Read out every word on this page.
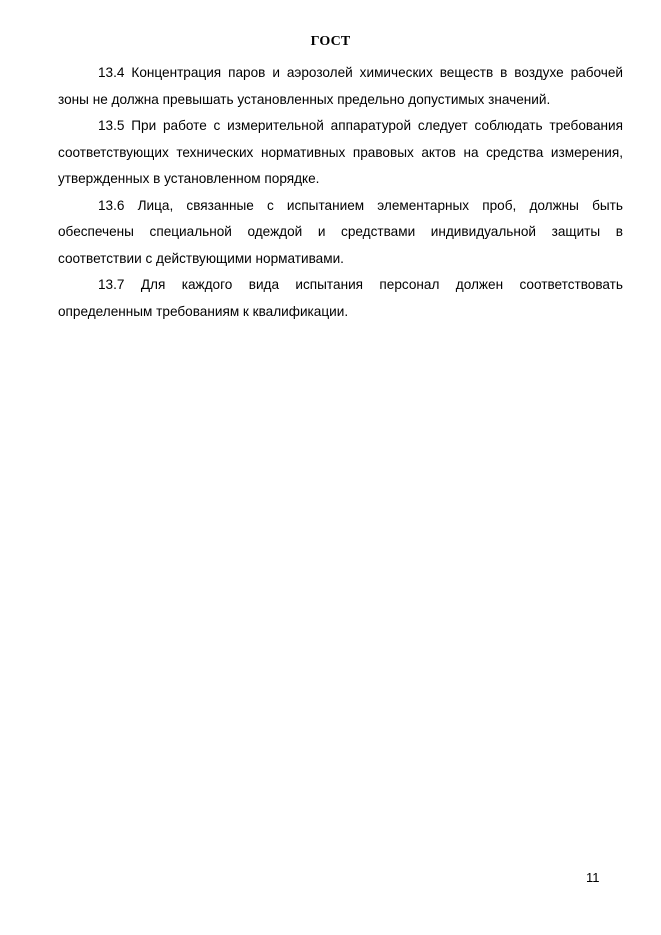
ГОСТ

13.4 Концентрация паров и аэрозолей химических веществ в воздухе рабочей зоны не должна превышать установленных предельно допустимых значений.

13.5 При работе с измерительной аппаратурой следует соблюдать требования соответствующих технических нормативных правовых актов на средства измерения, утвержденных в установленном порядке.

13.6 Лица, связанные с испытанием элементарных проб, должны быть обеспечены специальной одеждой и средствами индивидуальной защиты в соответствии с действующими нормативами.

13.7 Для каждого вида испытания персонал должен соответствовать определенным требованиям к квалификации.

11
